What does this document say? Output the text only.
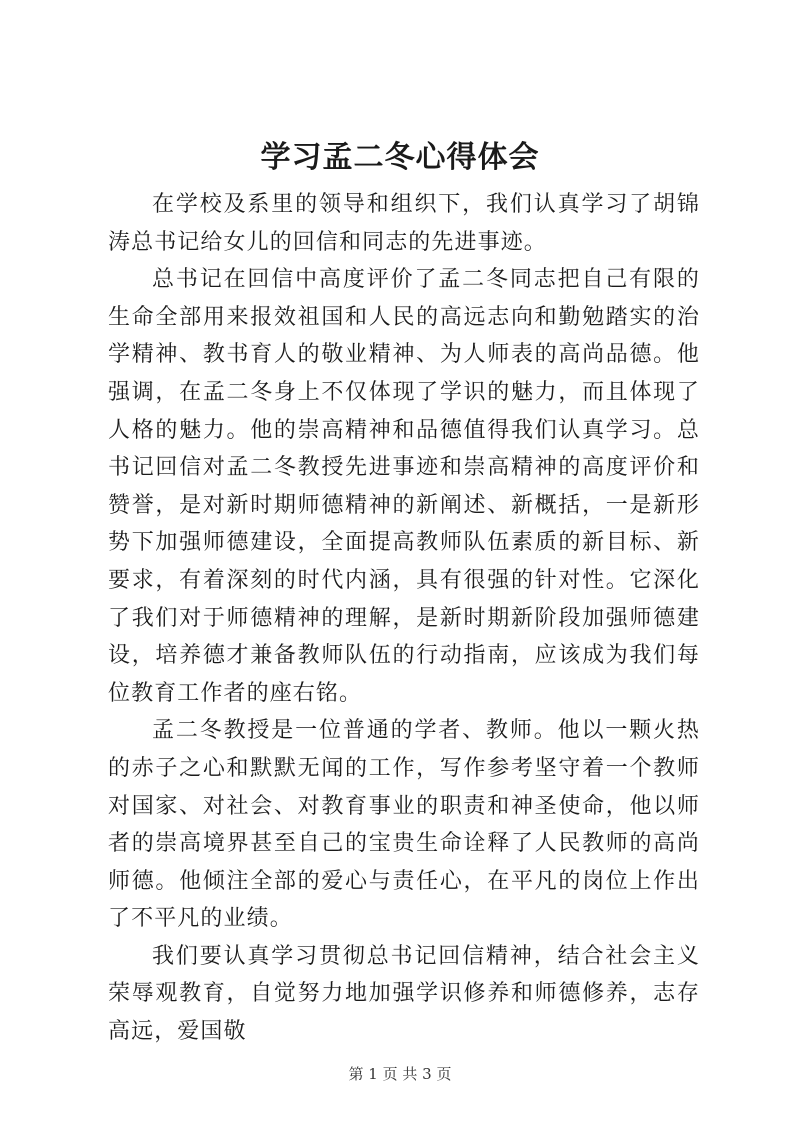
学习孟二冬心得体会

在学校及系里的领导和组织下，我们认真学习了胡锦涛总书记给女儿的回信和同志的先进事迹。

总书记在回信中高度评价了孟二冬同志把自己有限的生命全部用来报效祖国和人民的高远志向和勤勉踏实的治学精神、教书育人的敬业精神、为人师表的高尚品德。他强调，在孟二冬身上不仅体现了学识的魅力，而且体现了人格的魅力。他的崇高精神和品德值得我们认真学习。总书记回信对孟二冬教授先进事迹和崇高精神的高度评价和赞誉，是对新时期师德精神的新阐述、新概括，一是新形势下加强师德建设，全面提高教师队伍素质的新目标、新要求，有着深刻的时代内涵，具有很强的针对性。它深化了我们对于师德精神的理解，是新时期新阶段加强师德建设，培养德才兼备教师队伍的行动指南，应该成为我们每位教育工作者的座右铭。

孟二冬教授是一位普通的学者、教师。他以一颗火热的赤子之心和默默无闻的工作，写作参考坚守着一个教师对国家、对社会、对教育事业的职责和神圣使命，他以师者的崇高境界甚至自己的宝贵生命诠释了人民教师的高尚师德。他倾注全部的爱心与责任心，在平凡的岗位上作出了不平凡的业绩。

我们要认真学习贯彻总书记回信精神，结合社会主义荣辱观教育，自觉努力地加强学识修养和师德修养，志存高远，爱国敬

第 1 页 共 3 页
